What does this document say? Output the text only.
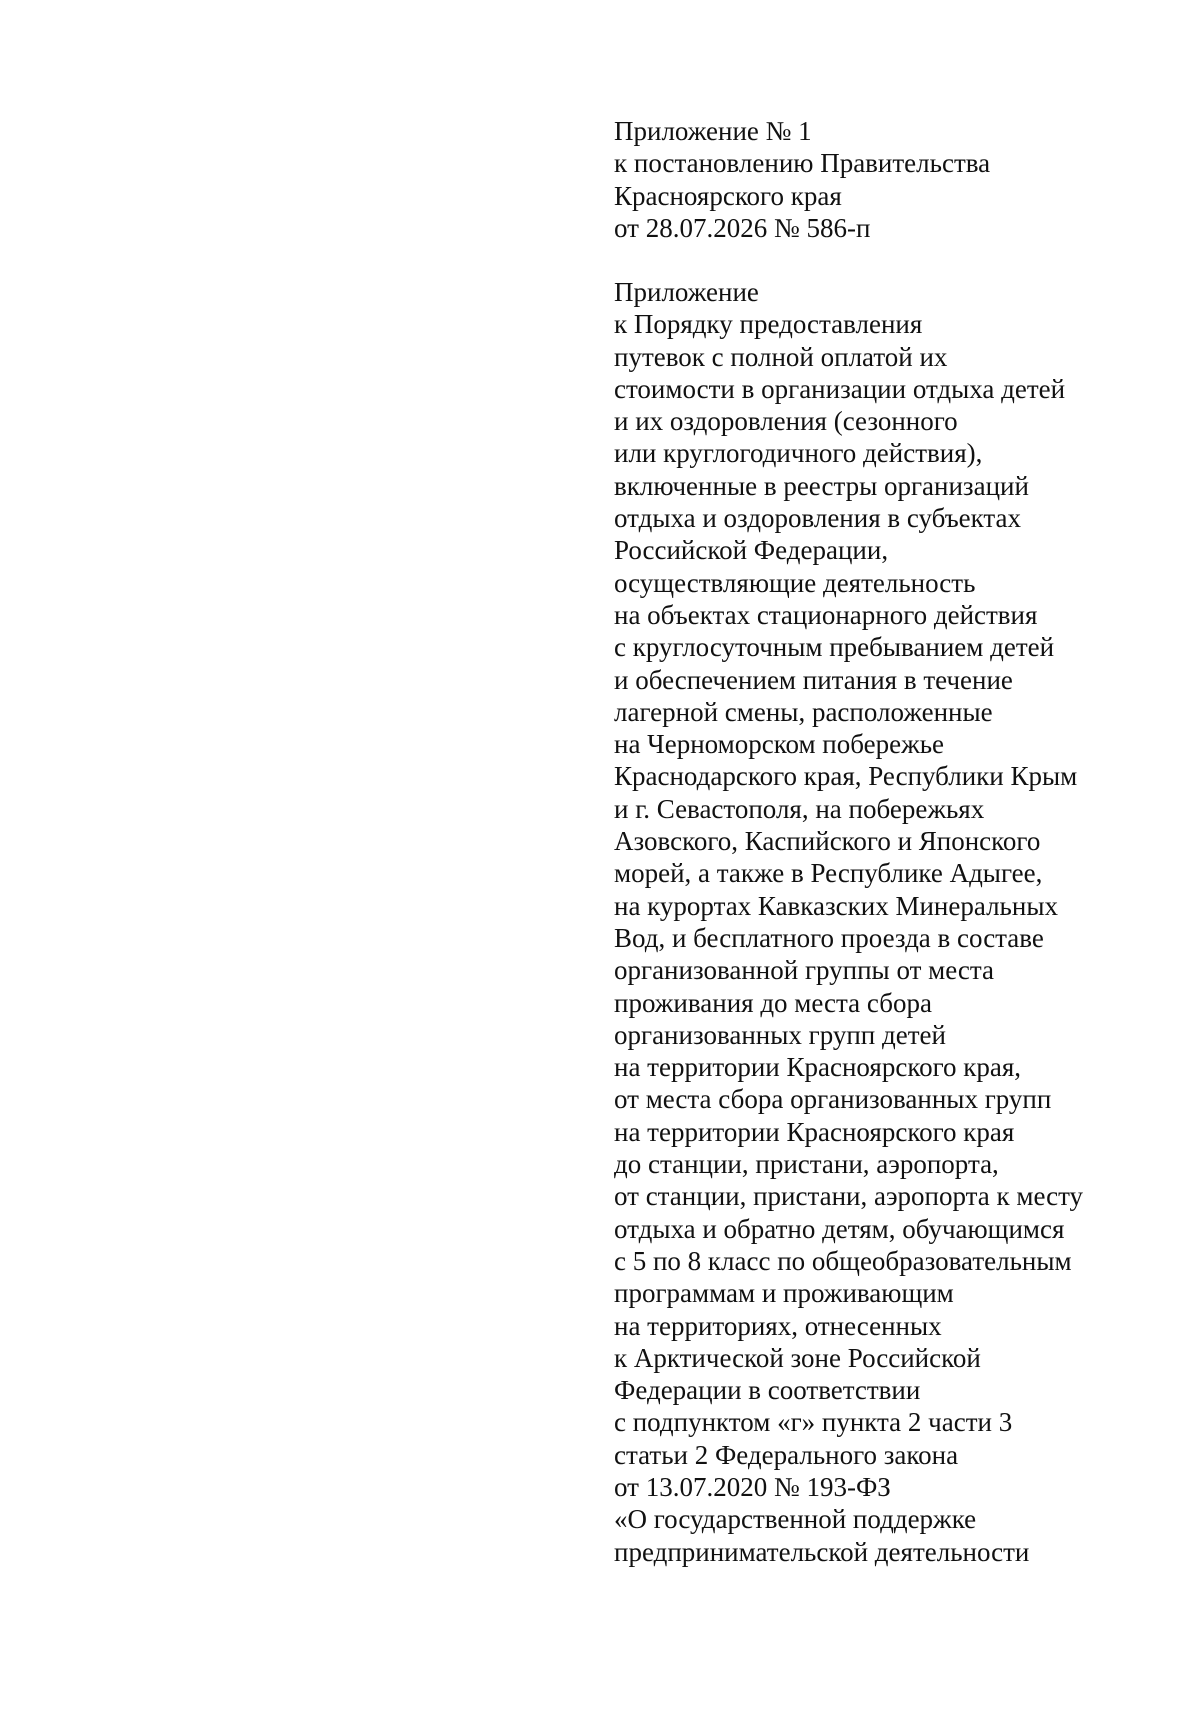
Приложение № 1
к постановлению Правительства
Красноярского края
от 28.07.2026 № 586-п
Приложение
к Порядку предоставления
путевок с полной оплатой их
стоимости в организации отдыха детей
и их оздоровления (сезонного
или круглогодичного действия),
включенные в реестры организаций
отдыха и оздоровления в субъектах
Российской Федерации,
осуществляющие деятельность
на объектах стационарного действия
с круглосуточным пребыванием детей
и обеспечением питания в течение
лагерной смены, расположенные
на Черноморском побережье
Краснодарского края, Республики Крым
и г. Севастополя, на побережьях
Азовского, Каспийского и Японского
морей, а также в Республике Адыгее,
на курортах Кавказских Минеральных
Вод, и бесплатного проезда в составе
организованной группы от места
проживания до места сбора
организованных групп детей
на территории Красноярского края,
от места сбора организованных групп
на территории Красноярского края
до станции, пристани, аэропорта,
от станции, пристани, аэропорта к месту
отдыха и обратно детям, обучающимся
с 5 по 8 класс по общеобразовательным
программам и проживающим
на территориях, отнесенных
к Арктической зоне Российской
Федерации в соответствии
с подпунктом «г» пункта 2 части 3
статьи 2 Федерального закона
от 13.07.2020 № 193-ФЗ
«О государственной поддержке
предпринимательской деятельности
